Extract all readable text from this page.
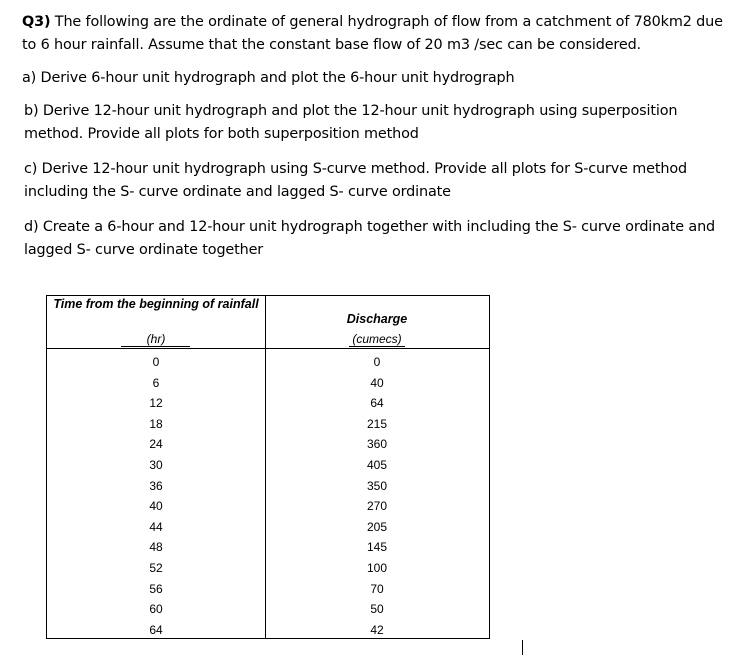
Q3) The following are the ordinate of general hydrograph of flow from a catchment of 780km2 due to 6 hour rainfall. Assume that the constant base flow of 20 m3 /sec can be considered.

a) Derive 6-hour unit hydrograph and plot the 6-hour unit hydrograph

b) Derive 12-hour unit hydrograph and plot the 12-hour unit hydrograph using superposition method. Provide all plots for both superposition method

c) Derive 12-hour unit hydrograph using S-curve method. Provide all plots for S-curve method including the S- curve ordinate and lagged S- curve ordinate

d) Create a 6-hour and 12-hour unit hydrograph together with including the S- curve ordinate and lagged S- curve ordinate together

Time from the beginning of rainfall
(hr)
Discharge
(cumecs)
0	0
6	40
12	64
18	215
24	360
30	405
36	350
40	270
44	205
48	145
52	100
56	70
60	50
64	42
